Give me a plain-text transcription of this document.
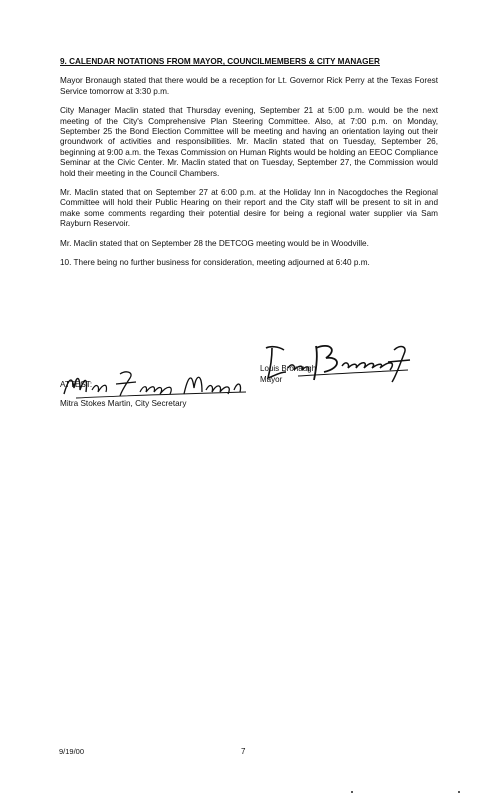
9. CALENDAR NOTATIONS FROM MAYOR, COUNCILMEMBERS & CITY MANAGER

Mayor Bronaugh stated that there would be a reception for Lt. Governor Rick Perry at the Texas Forest Service tomorrow at 3:30 p.m.

City Manager Maclin stated that Thursday evening, September 21 at 5:00 p.m. would be the next meeting of the City's Comprehensive Plan Steering Committee. Also, at 7:00 p.m. on Monday, September 25 the Bond Election Committee will be meeting and having an orientation laying out their groundwork of activities and responsibilities. Mr. Maclin stated that on Tuesday, September 26, beginning at 9:00 a.m. the Texas Commission on Human Rights would be holding an EEOC Compliance Seminar at the Civic Center. Mr. Maclin stated that on Tuesday, September 27, the Commission would hold their meeting in the Council Chambers.

Mr. Maclin stated that on September 27 at 6:00 p.m. at the Holiday Inn in Nacogdoches the Regional Committee will hold their Public Hearing on their report and the City staff will be present to sit in and make some comments regarding their potential desire for being a regional water supplier via Sam Rayburn Reservoir.

Mr. Maclin stated that on September 28 the DETCOG meeting would be in Woodville.

10. There being no further business for consideration, meeting adjourned at 6:40 p.m.

Louis Bronaugh
Mayor
ATTEST:
Mitra Stokes Martin, City Secretary
9/19/00	7
